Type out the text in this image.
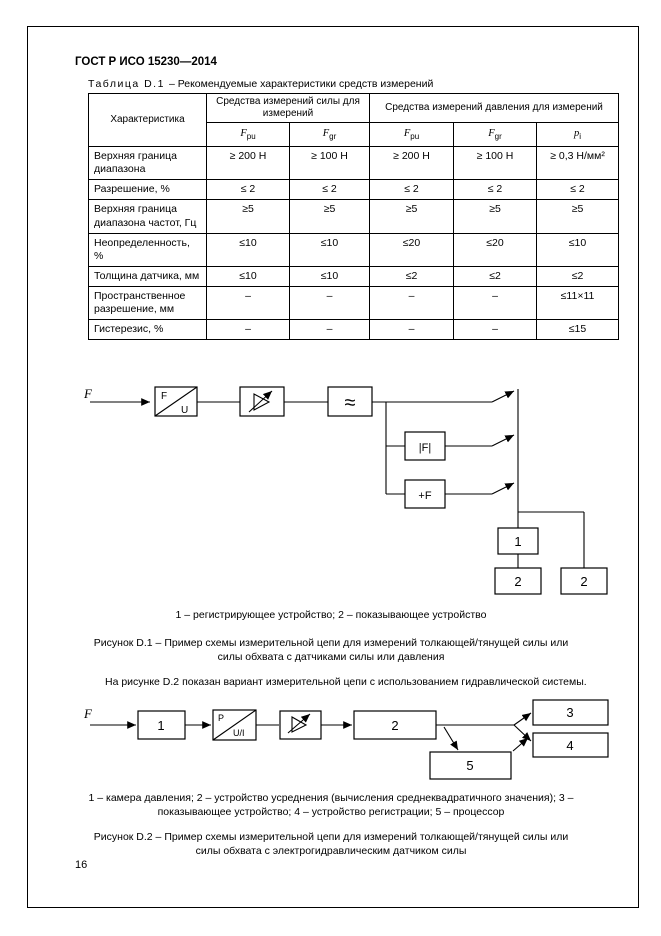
ГОСТ Р ИСО 15230—2014
Таблица D.1 – Рекомендуемые характеристики средств измерений
Характеристика	Средства измерений силы для измерений		Средства измерений давления для измерений		
	$F_{pu}$	$F_{gr}$	$F_{pu}$	$F_{gr}$	$p_i$
Верхняя граница диапазона	≥ 200 Н	≥ 100 Н	≥ 200 Н	≥ 100 Н	≥ 0,3 Н/мм²
Разрешение, %	≤ 2	≤ 2	≤ 2	≤ 2	≤ 2
Верхняя граница диапазона частот, Гц	≥5	≥5	≥5	≥5	≥5
Неопределенность, %	≤10	≤10	≤20	≤20	≤10
Толщина датчика, мм	≤10	≤10	≤2	≤2	≤2
Пространственное разрешение, мм	–	–	–	–	≤11×11
Гистерезис, %	–	–	–	–	≤15
F	F
U	≈
|F|
+F
1
2	2
1 – регистрирующее устройство; 2 – показывающее устройство
Рисунок D.1 – Пример схемы измерительной цепи для измерений толкающей/тянущей силы или силы обхвата с датчиками силы или давления
На рисунке D.2 показан вариант измерительной цепи с использованием гидравлической системы.
F
1	P
U/I	2
3
4
5
1 – камера давления; 2 – устройство усреднения (вычисления среднеквадратичного значения); 3 – показывающее устройство; 4 – устройство регистрации; 5 – процессор
Рисунок D.2 – Пример схемы измерительной цепи для измерений толкающей/тянущей силы или силы обхвата с электрогидравлическим датчиком силы
16
